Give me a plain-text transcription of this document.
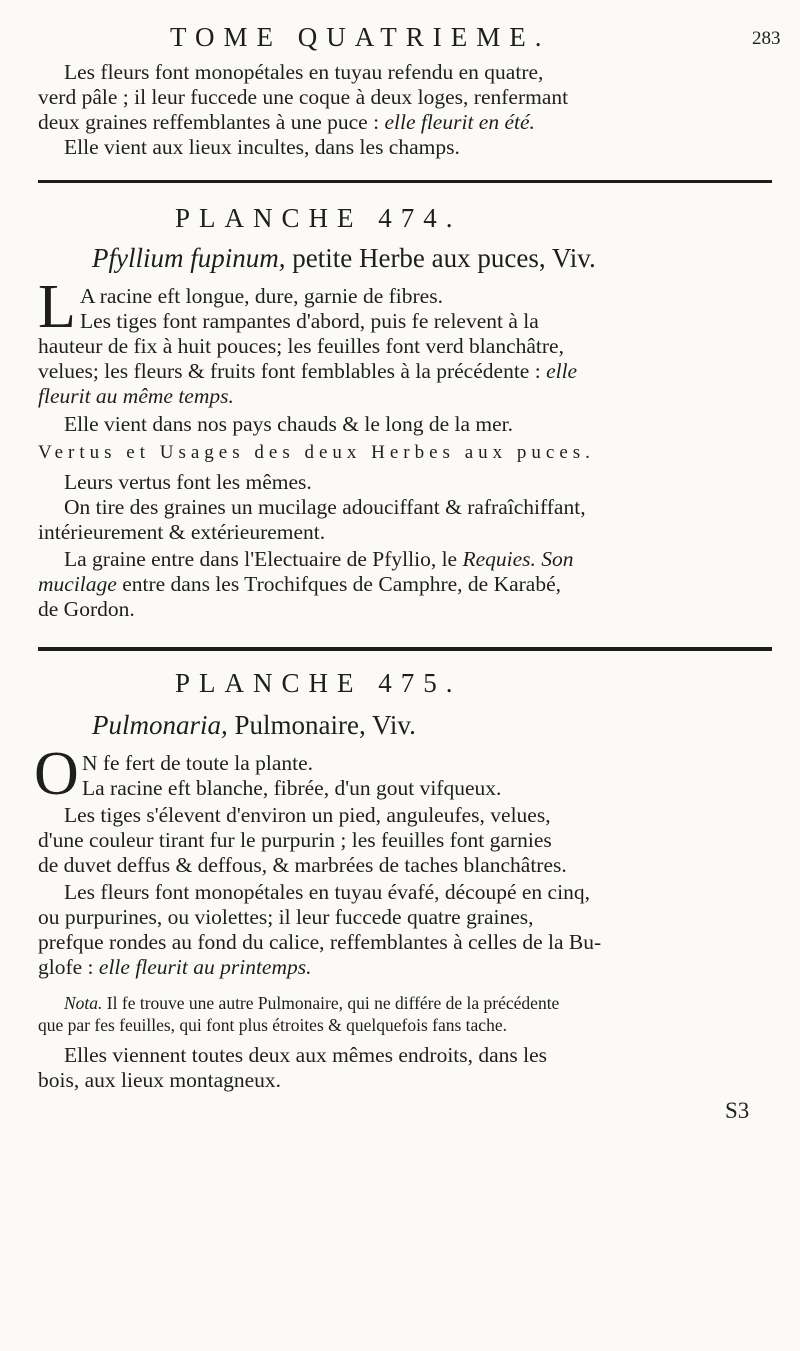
TOME QUATRIEME.	283
Les fleurs font monopétales en tuyau refendu en quatre,
verd pâle ; il leur fuccede une coque à deux loges, renfermant
deux graines reffemblantes à une puce : elle fleurit en été.
Elle vient aux lieux incultes, dans les champs.
PLANCHE 474.
Pfyllium fupinum, petite Herbe aux puces, Viv.
L A racine eft longue, dure, garnie de fibres.
Les tiges font rampantes d'abord, puis fe relevent à la
hauteur de fix à huit pouces; les feuilles font verd blanchâtre,
velues; les fleurs & fruits font femblables à la précédente : elle
fleurit au même temps.
Elle vient dans nos pays chauds & le long de la mer.
Vertus et Usages des deux Herbes aux puces.
Leurs vertus font les mêmes.
On tire des graines un mucilage adouciffant & rafraîchiffant,
intérieurement & extérieurement.
La graine entre dans l'Electuaire de Pfyllio, le Requies. Son
mucilage entre dans les Trochifques de Camphre, de Karabé,
de Gordon.
PLANCHE 475.
Pulmonaria, Pulmonaire, Viv.
O N fe fert de toute la plante.
La racine eft blanche, fibrée, d'un gout vifqueux.
Les tiges s'élevent d'environ un pied, anguleufes, velues,
d'une couleur tirant fur le purpurin ; les feuilles font garnies
de duvet deffus & deffous, & marbrées de taches blanchâtres.
Les fleurs font monopétales en tuyau évafé, découpé en cinq,
ou purpurines, ou violettes; il leur fuccede quatre graines,
prefque rondes au fond du calice, reffemblantes à celles de la Bu-
glofe : elle fleurit au printemps.
Nota. Il fe trouve une autre Pulmonaire, qui ne différe de la précédente
que par fes feuilles, qui font plus étroites & quelquefois fans tache.
Elles viennent toutes deux aux mêmes endroits, dans les
bois, aux lieux montagneux.
S3
